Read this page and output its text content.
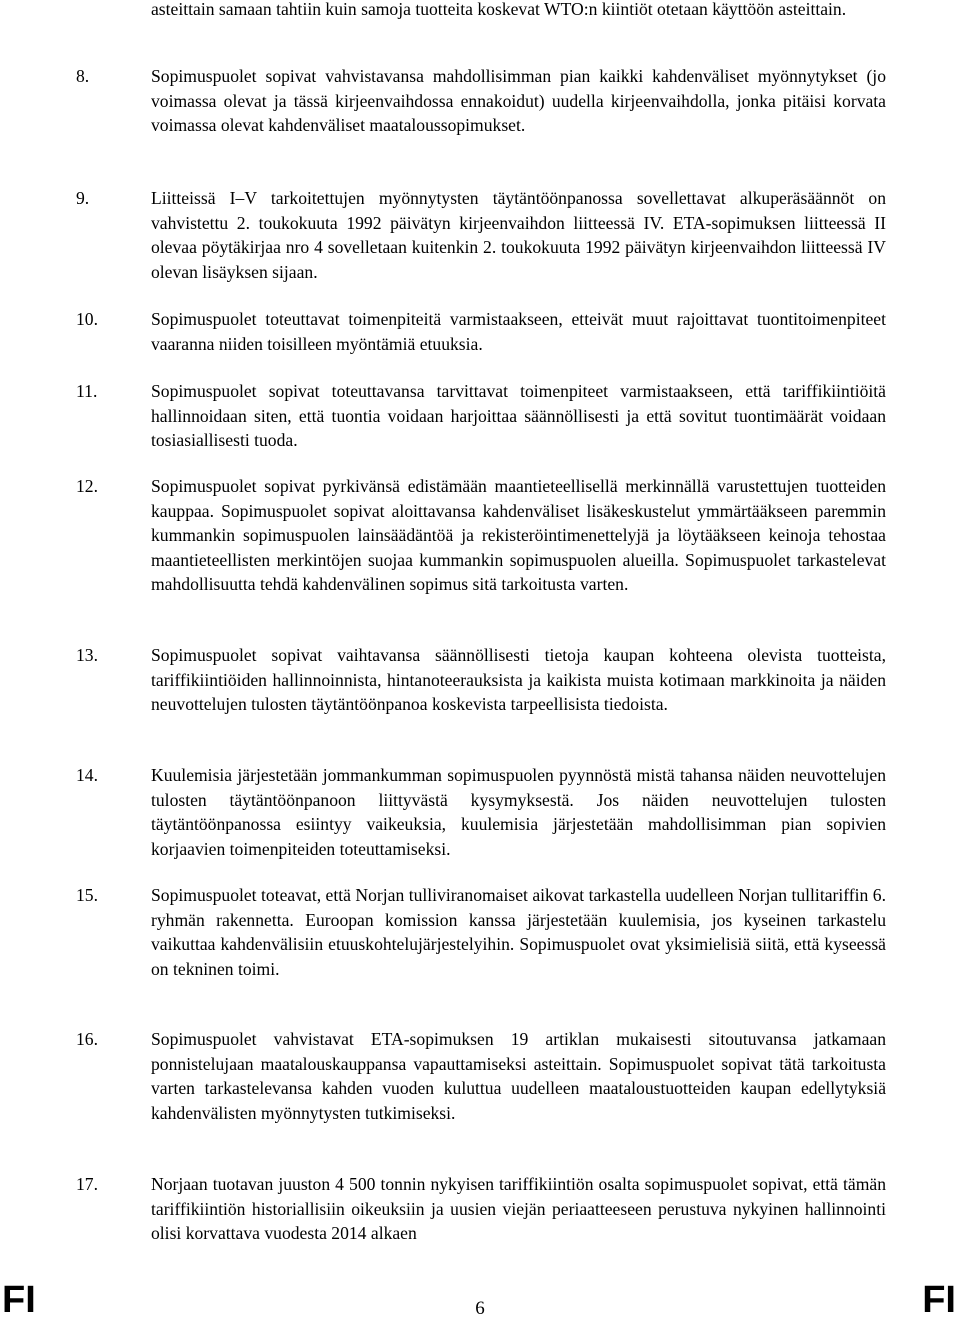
asteittain samaan tahtiin kuin samoja tuotteita koskevat WTO:n kiintiöt otetaan käyttöön asteittain.
8.	Sopimuspuolet sopivat vahvistavansa mahdollisimman pian kaikki kahdenväliset myönnytykset (jo voimassa olevat ja tässä kirjeenvaihdossa ennakoidut) uudella kirjeenvaihdolla, jonka pitäisi korvata voimassa olevat kahdenväliset maataloussopimukset.
9.	Liitteissä I–V tarkoitettujen myönnytysten täytäntöönpanossa sovellettavat alkuperäsäännöt on vahvistettu 2. toukokuuta 1992 päivätyn kirjeenvaihdon liitteessä IV. ETA-sopimuksen liitteessä II olevaa pöytäkirjaa nro 4 sovelletaan kuitenkin 2. toukokuuta 1992 päivätyn kirjeenvaihdon liitteessä IV olevan lisäyksen sijaan.
10.	Sopimuspuolet toteuttavat toimenpiteitä varmistaakseen, etteivät muut rajoittavat tuontitoimenpiteet vaaranna niiden toisilleen myöntämiä etuuksia.
11.	Sopimuspuolet sopivat toteuttavansa tarvittavat toimenpiteet varmistaakseen, että tariffikiintiöitä hallinnoidaan siten, että tuontia voidaan harjoittaa säännöllisesti ja että sovitut tuontimäärät voidaan tosiasiallisesti tuoda.
12.	Sopimuspuolet sopivat pyrkivänsä edistämään maantieteellisellä merkinnällä varustettujen tuotteiden kauppaa. Sopimuspuolet sopivat aloittavansa kahdenväliset lisäkeskustelut ymmärtääkseen paremmin kummankin sopimuspuolen lainsäädäntöä ja rekisteröintimenettelyjä ja löytääkseen keinoja tehostaa maantieteellisten merkintöjen suojaa kummankin sopimuspuolen alueilla. Sopimuspuolet tarkastelevat mahdollisuutta tehdä kahdenvälinen sopimus sitä tarkoitusta varten.
13.	Sopimuspuolet sopivat vaihtavansa säännöllisesti tietoja kaupan kohteena olevista tuotteista, tariffikiintiöiden hallinnoinnista, hintanoteerauksista ja kaikista muista kotimaan markkinoita ja näiden neuvottelujen tulosten täytäntöönpanoa koskevista tarpeellisista tiedoista.
14.	Kuulemisia järjestetään jommankumman sopimuspuolen pyynnöstä mistä tahansa näiden neuvottelujen tulosten täytäntöönpanoon liittyvästä kysymyksestä. Jos näiden neuvottelujen tulosten täytäntöönpanossa esiintyy vaikeuksia, kuulemisia järjestetään mahdollisimman pian sopivien korjaavien toimenpiteiden toteuttamiseksi.
15.	Sopimuspuolet toteavat, että Norjan tulliviranomaiset aikovat tarkastella uudelleen Norjan tullitariffin 6. ryhmän rakennetta. Euroopan komission kanssa järjestetään kuulemisia, jos kyseinen tarkastelu vaikuttaa kahdenvälisiin etuuskohtelujärjestelyihin. Sopimuspuolet ovat yksimielisiä siitä, että kyseessä on tekninen toimi.
16.	Sopimuspuolet vahvistavat ETA-sopimuksen 19 artiklan mukaisesti sitoutuvansa jatkamaan ponnistelujaan maatalouskauppansa vapauttamiseksi asteittain. Sopimuspuolet sopivat tätä tarkoitusta varten tarkastelevansa kahden vuoden kuluttua uudelleen maataloustuotteiden kaupan edellytyksiä kahdenvälisten myönnytysten tutkimiseksi.
17.	Norjaan tuotavan juuston 4 500 tonnin nykyisen tariffikiintiön osalta sopimuspuolet sopivat, että tämän tariffikiintiön historiallisiin oikeuksiin ja uusien viejän periaatteeseen perustuva nykyinen hallinnointi olisi korvattava vuodesta 2014 alkaen
FI	6	FI
